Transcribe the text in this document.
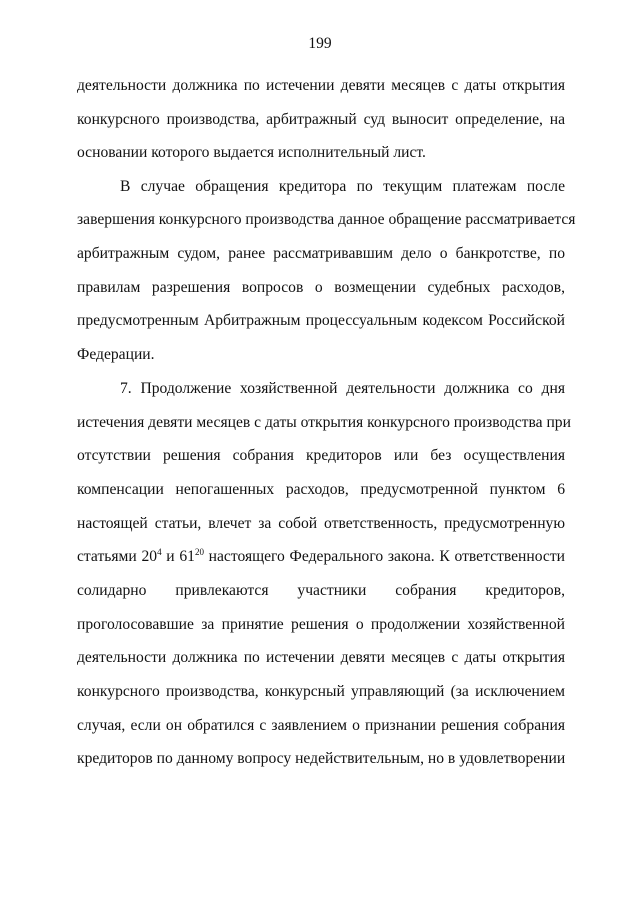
199
деятельности должника по истечении девяти месяцев с даты открытия
конкурсного производства, арбитражный суд выносит определение, на
основании которого выдается исполнительный лист.
В случае обращения кредитора по текущим платежам после
завершения конкурсного производства данное обращение рассматривается
арбитражным судом, ранее рассматривавшим дело о банкротстве, по
правилам разрешения вопросов о возмещении судебных расходов,
предусмотренным Арбитражным процессуальным кодексом Российской
Федерации.
7. Продолжение хозяйственной деятельности должника со дня
истечения девяти месяцев с даты открытия конкурсного производства при
отсутствии решения собрания кредиторов или без осуществления
компенсации непогашенных расходов, предусмотренной пунктом 6
настоящей статьи, влечет за собой ответственность, предусмотренную
статьями $20^4$ и $61^{20}$ настоящего Федерального закона. К ответственности
солидарно привлекаются участники собрания кредиторов,
проголосовавшие за принятие решения о продолжении хозяйственной
деятельности должника по истечении девяти месяцев с даты открытия
конкурсного производства, конкурсный управляющий (за исключением
случая, если он обратился с заявлением о признании решения собрания
кредиторов по данному вопросу недействительным, но в удовлетворении
